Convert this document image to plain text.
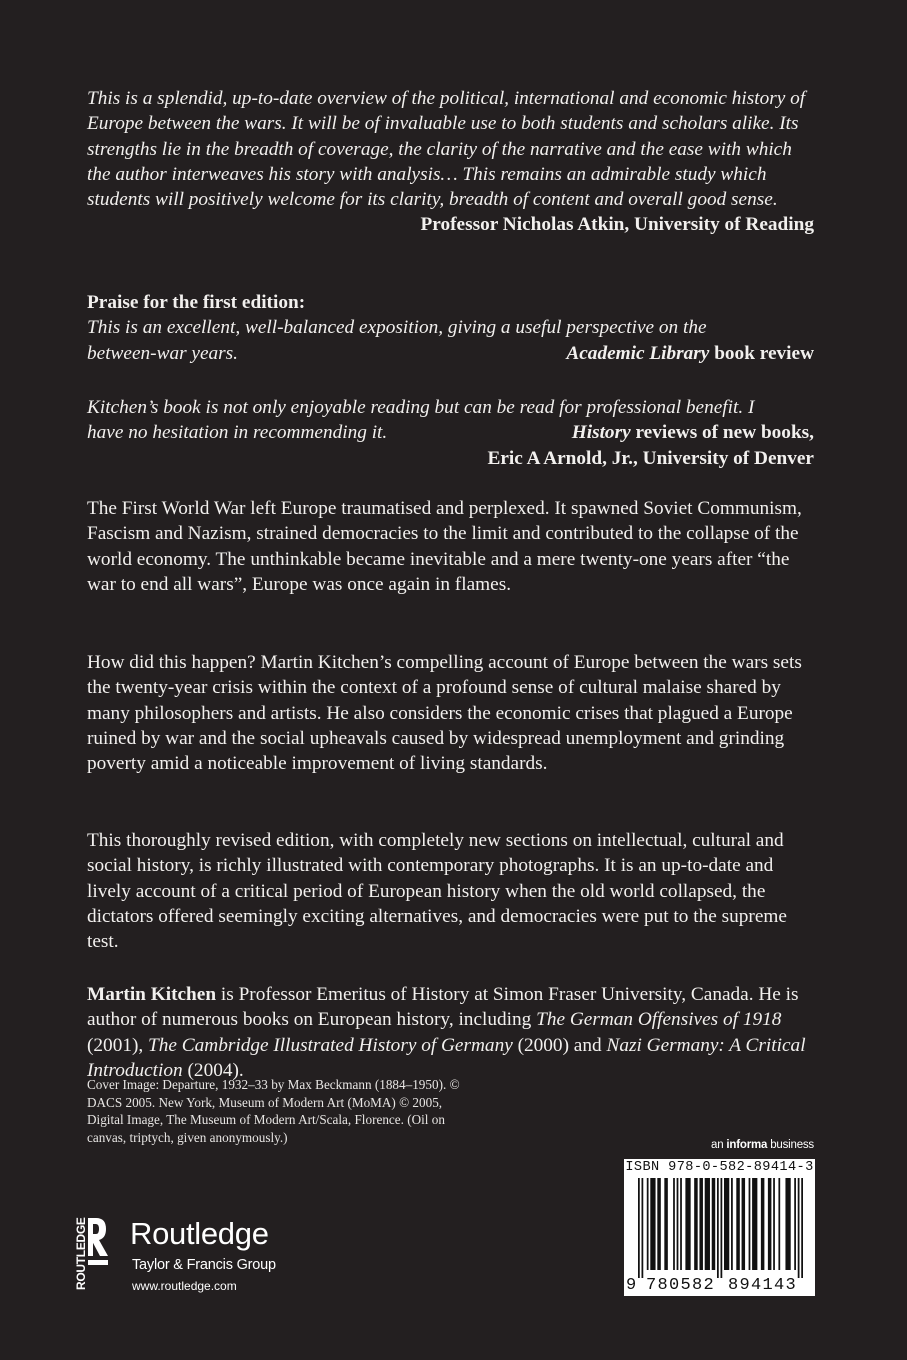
This is a splendid, up-to-date overview of the political, international and economic history of Europe between the wars. It will be of invaluable use to both students and scholars alike. Its strengths lie in the breadth of coverage, the clarity of the narrative and the ease with which the author interweaves his story with analysis… This remains an admirable study which students will positively welcome for its clarity, breadth of content and overall good sense.

Professor Nicholas Atkin, University of Reading

Praise for the first edition:

This is an excellent, well-balanced exposition, giving a useful perspective on the

between-war years.	Academic Library book review

Kitchen’s book is not only enjoyable reading but can be read for professional benefit. I

have no hesitation in recommending it.	History reviews of new books,

Eric A Arnold, Jr., University of Denver

The First World War left Europe traumatised and perplexed. It spawned Soviet Communism, Fascism and Nazism, strained democracies to the limit and contributed to the collapse of the world economy. The unthinkable became inevitable and a mere twenty-one years after “the war to end all wars”, Europe was once again in flames.

How did this happen? Martin Kitchen’s compelling account of Europe between the wars sets the twenty-year crisis within the context of a profound sense of cultural malaise shared by many philosophers and artists. He also considers the economic crises that plagued a Europe ruined by war and the social upheavals caused by widespread unemployment and grinding poverty amid a noticeable improvement of living standards.

This thoroughly revised edition, with completely new sections on intellectual, cultural and social history, is richly illustrated with contemporary photographs. It is an up-to-date and lively account of a critical period of European history when the old world collapsed, the dictators offered seemingly exciting alternatives, and democracies were put to the supreme test.

Martin Kitchen is Professor Emeritus of History at Simon Fraser University, Canada. He is author of numerous books on European history, including The German Offensives of 1918 (2001), The Cambridge Illustrated History of Germany (2000) and Nazi Germany: A Critical Introduction (2004).

Cover Image: Departure, 1932–33 by Max Beckmann (1884–1950). © DACS 2005. New York, Museum of Modern Art (MoMA) © 2005, Digital Image, The Museum of Modern Art/Scala, Florence. (Oil on canvas, triptych, given anonymously.)
ROUTLEDGE Routledge
Taylor & Francis Group
www.routledge.com
an informa business
ISBN 978-0-582-89414-3
9 780582 894143
